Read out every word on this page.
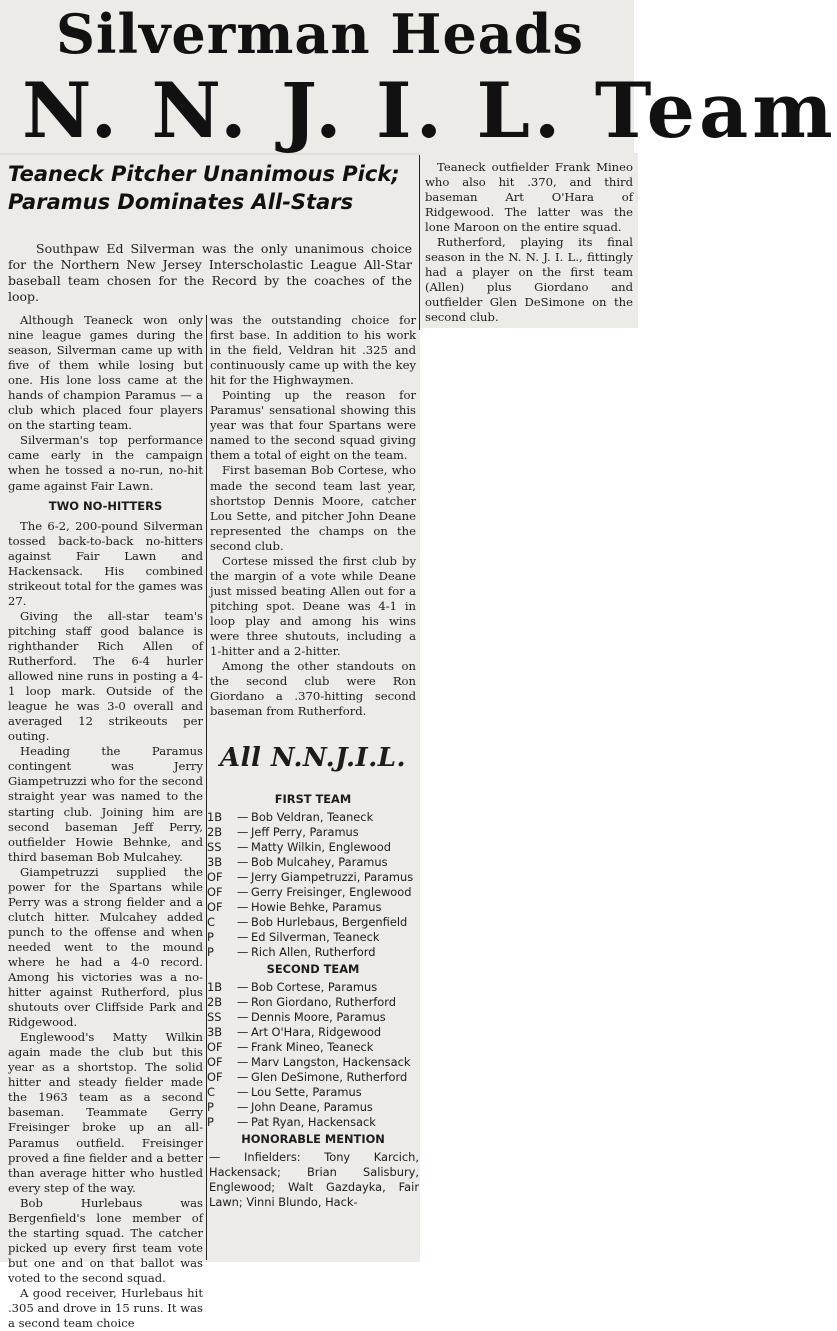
Silverman Heads
N. N. J. I. L. Team
Teaneck Pitcher Unanimous Pick;
Paramus Dominates All-Stars
Southpaw Ed Silverman was the only unanimous choice for the Northern New Jersey Interscholastic League All-Star baseball team chosen for the Record by the coaches of the loop.

Although Teaneck won only nine league games during the season, Silverman came up with five of them while losing but one. His lone loss came at the hands of champion Paramus — a club which placed four players on the starting team.

Silverman's top performance came early in the campaign when he tossed a no-run, no-hit game against Fair Lawn.

TWO NO-HITTERS

The 6-2, 200-pound Silverman tossed back-to-back no-hitters against Fair Lawn and Hackensack. His combined strikeout total for the games was 27.

Giving the all-star team's pitching staff good balance is righthander Rich Allen of Rutherford. The 6-4 hurler allowed nine runs in posting a 4-1 loop mark. Outside of the league he was 3-0 overall and averaged 12 strikeouts per outing.

Heading the Paramus contingent was Jerry Giampetruzzi who for the second straight year was named to the starting club. Joining him are second baseman Jeff Perry, outfielder Howie Behnke, and third baseman Bob Mulcahey.

Giampetruzzi supplied the power for the Spartans while Perry was a strong fielder and a clutch hitter. Mulcahey added punch to the offense and when needed went to the mound where he had a 4-0 record. Among his victories was a no-hitter against Rutherford, plus shutouts over Cliffside Park and Ridgewood.

Englewood's Matty Wilkin again made the club but this year as a shortstop. The solid hitter and steady fielder made the 1963 team as a second baseman. Teammate Gerry Freisinger broke up an all-Paramus outfield. Freisinger proved a fine fielder and a better than average hitter who hustled every step of the way.

Bob Hurlebaus was Bergenfield's lone member of the starting squad. The catcher picked up every first team vote but one and on that ballot was voted to the second squad.

A good receiver, Hurlebaus hit .305 and drove in 15 runs. It was a second team choice

was the outstanding choice for first base. In addition to his work in the field, Veldran hit .325 and continuously came up with the key hit for the Highwaymen.

Pointing up the reason for Paramus' sensational showing this year was that four Spartans were named to the second squad giving them a total of eight on the team.

First baseman Bob Cortese, who made the second team last year, shortstop Dennis Moore, catcher Lou Sette, and pitcher John Deane represented the champs on the second club.

Cortese missed the first club by the margin of a vote while Deane just missed beating Allen out for a pitching spot. Deane was 4-1 in loop play and among his wins were three shutouts, including a 1-hitter and a 2-hitter.

Among the other standouts on the second club were Ron Giordano a .370-hitting second baseman from Rutherford.

Teaneck outfielder Frank Mineo who also hit .370, and third baseman Art O'Hara of Ridgewood. The latter was the lone Maroon on the entire squad.

Rutherford, playing its final season in the N. N. J. I. L., fittingly had a player on the first team (Allen) plus Giordano and outfielder Glen DeSimone on the second club.

All N.N.J.I.L.
FIRST TEAM
1B	— Bob Veldran, Teaneck
2B	— Jeff Perry, Paramus
SS	— Matty Wilkin, Englewood
3B	— Bob Mulcahey, Paramus
OF	— Jerry Giampetruzzi, Paramus
OF	— Gerry Freisinger, Englewood
OF	— Howie Behke, Paramus
C	— Bob Hurlebaus, Bergenfield
P	— Ed Silverman, Teaneck
P	— Rich Allen, Rutherford
SECOND TEAM
1B	— Bob Cortese, Paramus
2B	— Ron Giordano, Rutherford
SS	— Dennis Moore, Paramus
3B	— Art O'Hara, Ridgewood
OF	— Frank Mineo, Teaneck
OF	— Marv Langston, Hackensack
OF	— Glen DeSimone, Rutherford
C	— Lou Sette, Paramus
P	— John Deane, Paramus
P	— Pat Ryan, Hackensack
HONORABLE MENTION
— Infielders: Tony Karcich, Hackensack; Brian Salisbury, Englewood; Walt Gazdayka, Fair Lawn; Vinni Blundo, Hack-
